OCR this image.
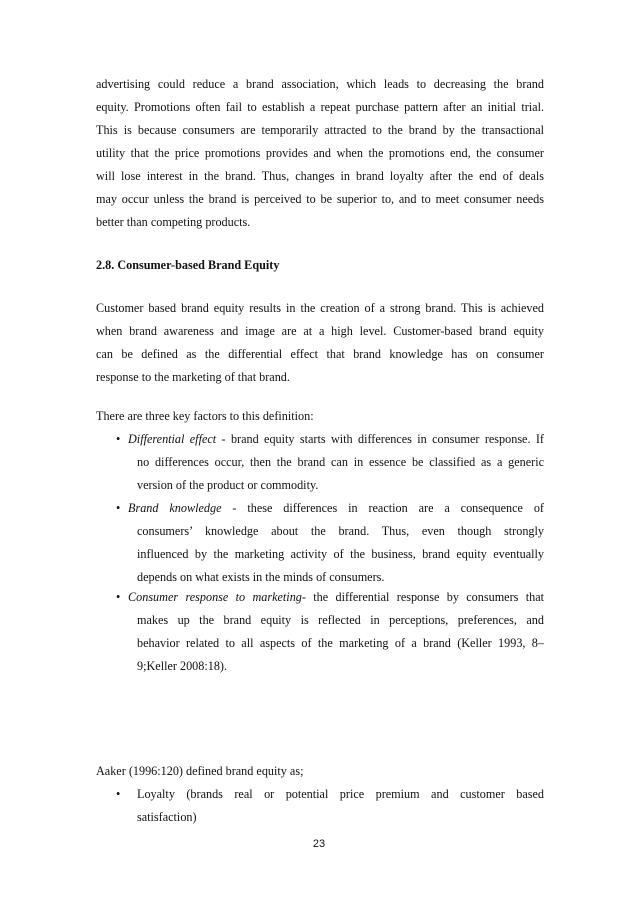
advertising could reduce a brand association, which leads to decreasing the brand
equity. Promotions often fail to establish a repeat purchase pattern after an initial trial.
This is because consumers are temporarily attracted to the brand by the transactional
utility that the price promotions provides and when the promotions end, the consumer
will lose interest in the brand. Thus, changes in brand loyalty after the end of deals
may occur unless the brand is perceived to be superior to, and to meet consumer needs
better than competing products.
2.8. Consumer-based Brand Equity
Customer based brand equity results in the creation of a strong brand. This is achieved
when brand awareness and image are at a high level. Customer-based brand equity
can be defined as the differential effect that brand knowledge has on consumer
response to the marketing of that brand.
There are three key factors to this definition:
• Differential effect - brand equity starts with differences in consumer response. If
no differences occur, then the brand can in essence be classified as a generic
version of the product or commodity.
• Brand knowledge - these differences in reaction are a consequence of
consumers’ knowledge about the brand. Thus, even though strongly
influenced by the marketing activity of the business, brand equity eventually
depends on what exists in the minds of consumers.
• Consumer response to marketing- the differential response by consumers that
makes up the brand equity is reflected in perceptions, preferences, and
behavior related to all aspects of the marketing of a brand (Keller 1993, 8–
9;Keller 2008:18).
Aaker (1996:120) defined brand equity as;
•	Loyalty (brands real or potential price premium and customer based
satisfaction)
23
